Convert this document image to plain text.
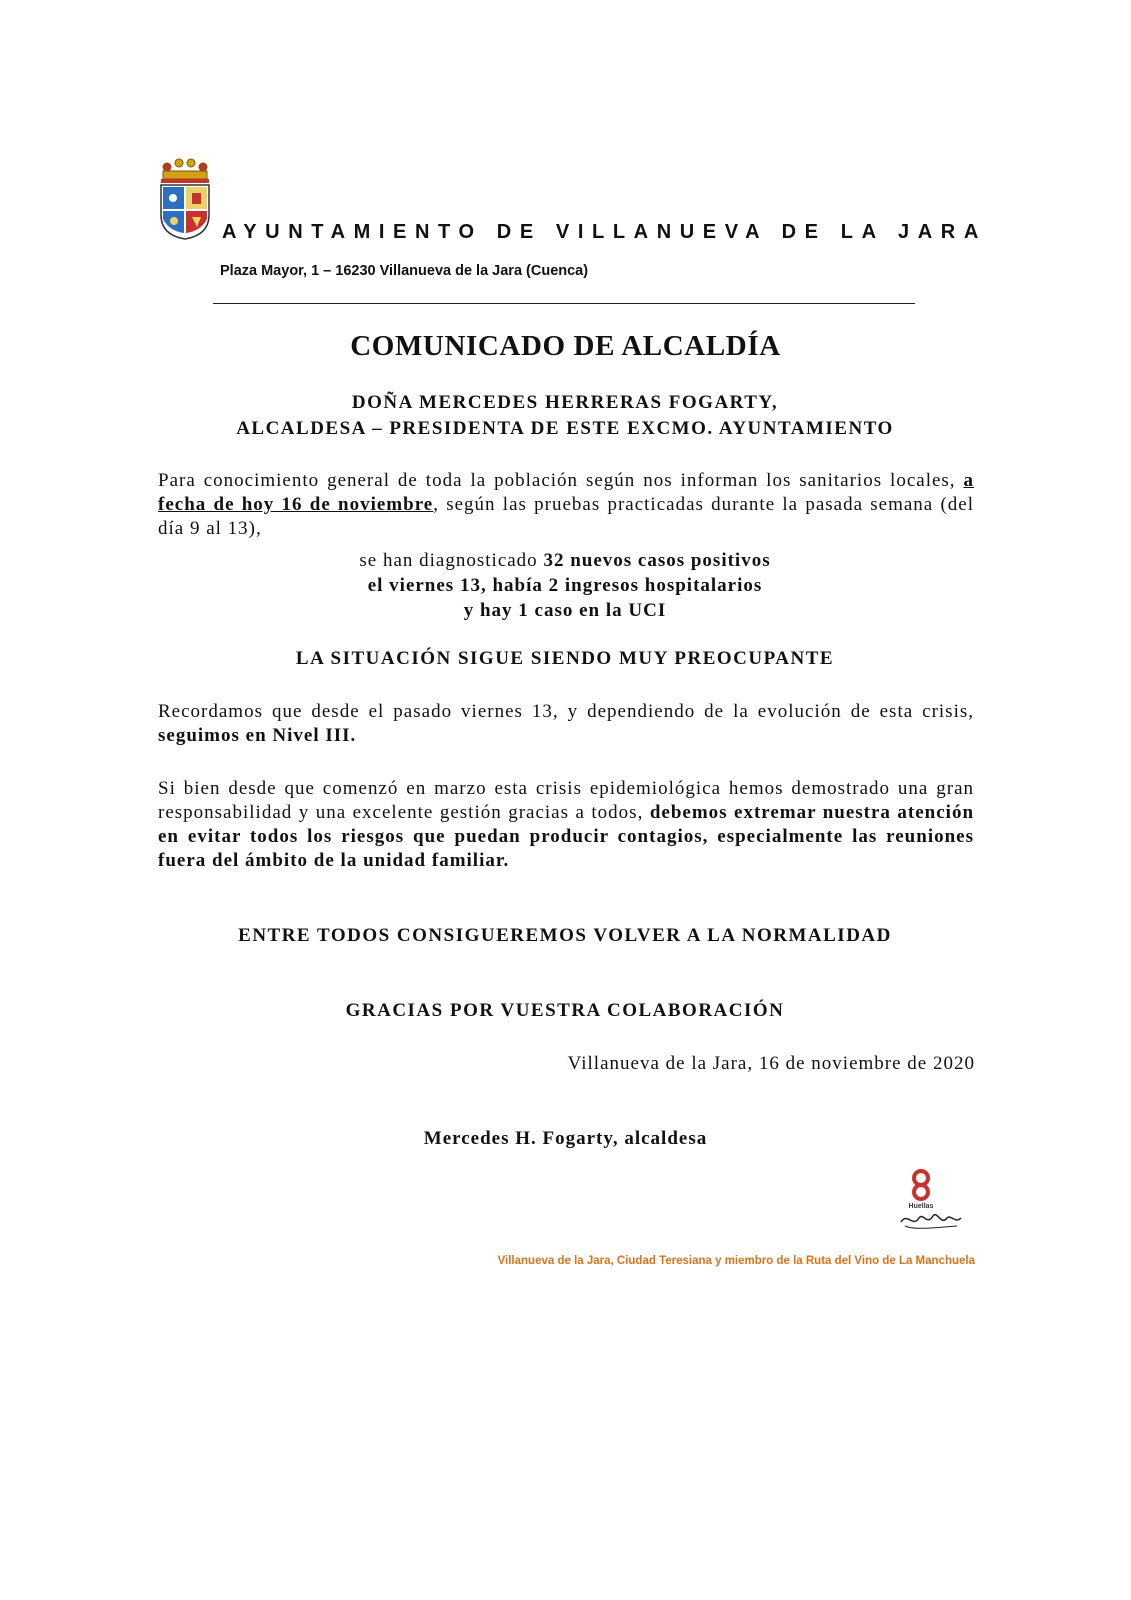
AYUNTAMIENTO DE VILLANUEVA DE LA JARA
Plaza Mayor, 1 – 16230 Villanueva de la Jara (Cuenca)
COMUNICADO DE ALCALDÍA
DOÑA MERCEDES HERRERAS FOGARTY,
ALCALDESA – PRESIDENTA DE ESTE EXCMO. AYUNTAMIENTO
Para conocimiento general de toda la población según nos informan los sanitarios locales, a fecha de hoy 16 de noviembre, según las pruebas practicadas durante la pasada semana (del día 9 al 13),
se han diagnosticado 32 nuevos casos positivos
el viernes 13, había 2 ingresos hospitalarios
y hay 1 caso en la UCI
LA SITUACIÓN SIGUE SIENDO MUY PREOCUPANTE
Recordamos que desde el pasado viernes 13, y dependiendo de la evolución de esta crisis, seguimos en Nivel III.
Si bien desde que comenzó en marzo esta crisis epidemiológica hemos demostrado una gran responsabilidad y una excelente gestión gracias a todos, debemos extremar nuestra atención en evitar todos los riesgos que puedan producir contagios, especialmente las reuniones fuera del ámbito de la unidad familiar.
ENTRE TODOS CONSIGUEREMOS VOLVER A LA NORMALIDAD
GRACIAS POR VUESTRA COLABORACIÓN
Villanueva de la Jara, 16 de noviembre de 2020
Mercedes H. Fogarty, alcaldesa
Huellas
Villanueva de la Jara, Ciudad Teresiana y miembro de la Ruta del Vino de La Manchuela
